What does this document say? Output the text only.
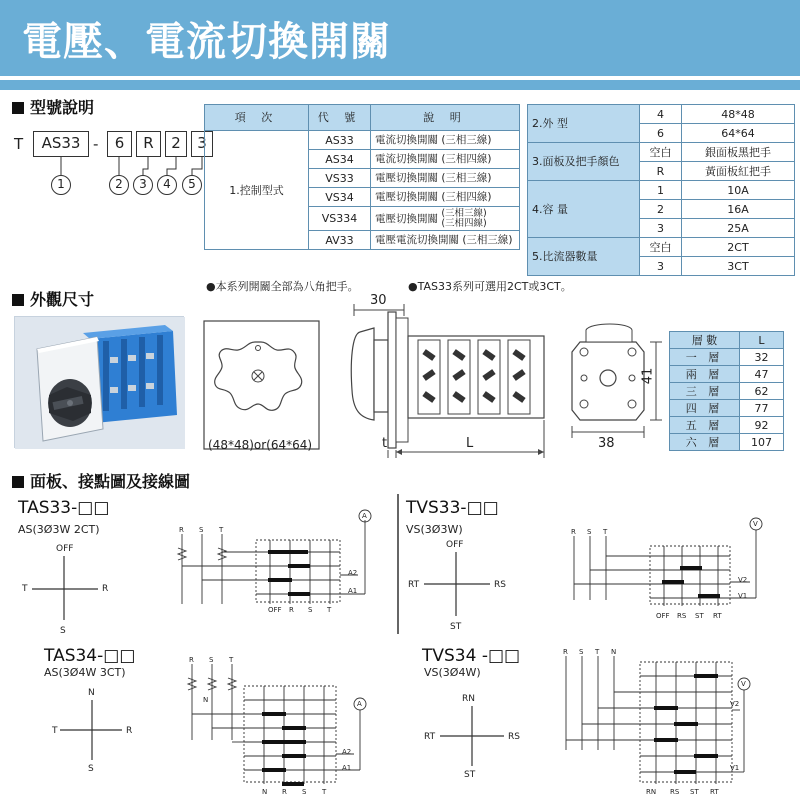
電壓、電流切換開關
型號說明
T	AS33 -	6	R	2	3
1	2	3	4	5
項 次	代 號	說 明
1.控制型式	AS33	電流切換開關 (三相三線)
	AS34	電流切換開關 (三相四線)
	VS33	電壓切換開關 (三相三線)
	VS34	電壓切換開關 (三相四線)
	VS334	電壓切換開關 (三相三線)
(三相四線)
	AV33	電壓電流切換開關 (三相三線)
2.外 型	4	48*48
	6	64*64
3.面板及把手顏色	空白	銀面板黑把手
	R	黃面板紅把手
4.容 量	1	10A
	2	16A
	3	25A
5.比流器數量	空白	2CT
	3	3CT
●本系列開關全部為八角把手。	●TAS33系列可選用2CT或3CT。
外觀尺寸
(48*48)or(64*64)
30
t	L
41
38
層 數	L
一 層	32
兩 層	47
三 層	62
四 層	77
五 層	92
六 層	107
面板、接點圖及接線圖
TAS33-□□
AS(3Ø3W 2CT)
TVS33-□□
VS(3Ø3W)
TAS34-□□
AS(3Ø4W 3CT)
TVS34 -□□
VS(3Ø4W)
OFF
T	R
S
R S T
OFF R S T
A
A2
A1
OFF
RT	RS
ST
R S T
OFF RS ST RT
V
V2
V1
N
T	R
S
R S T
N
N R S T
A
A2
A1
RN
RT	RS
ST
R S T N
RN RS ST RT
V
V2
V1
